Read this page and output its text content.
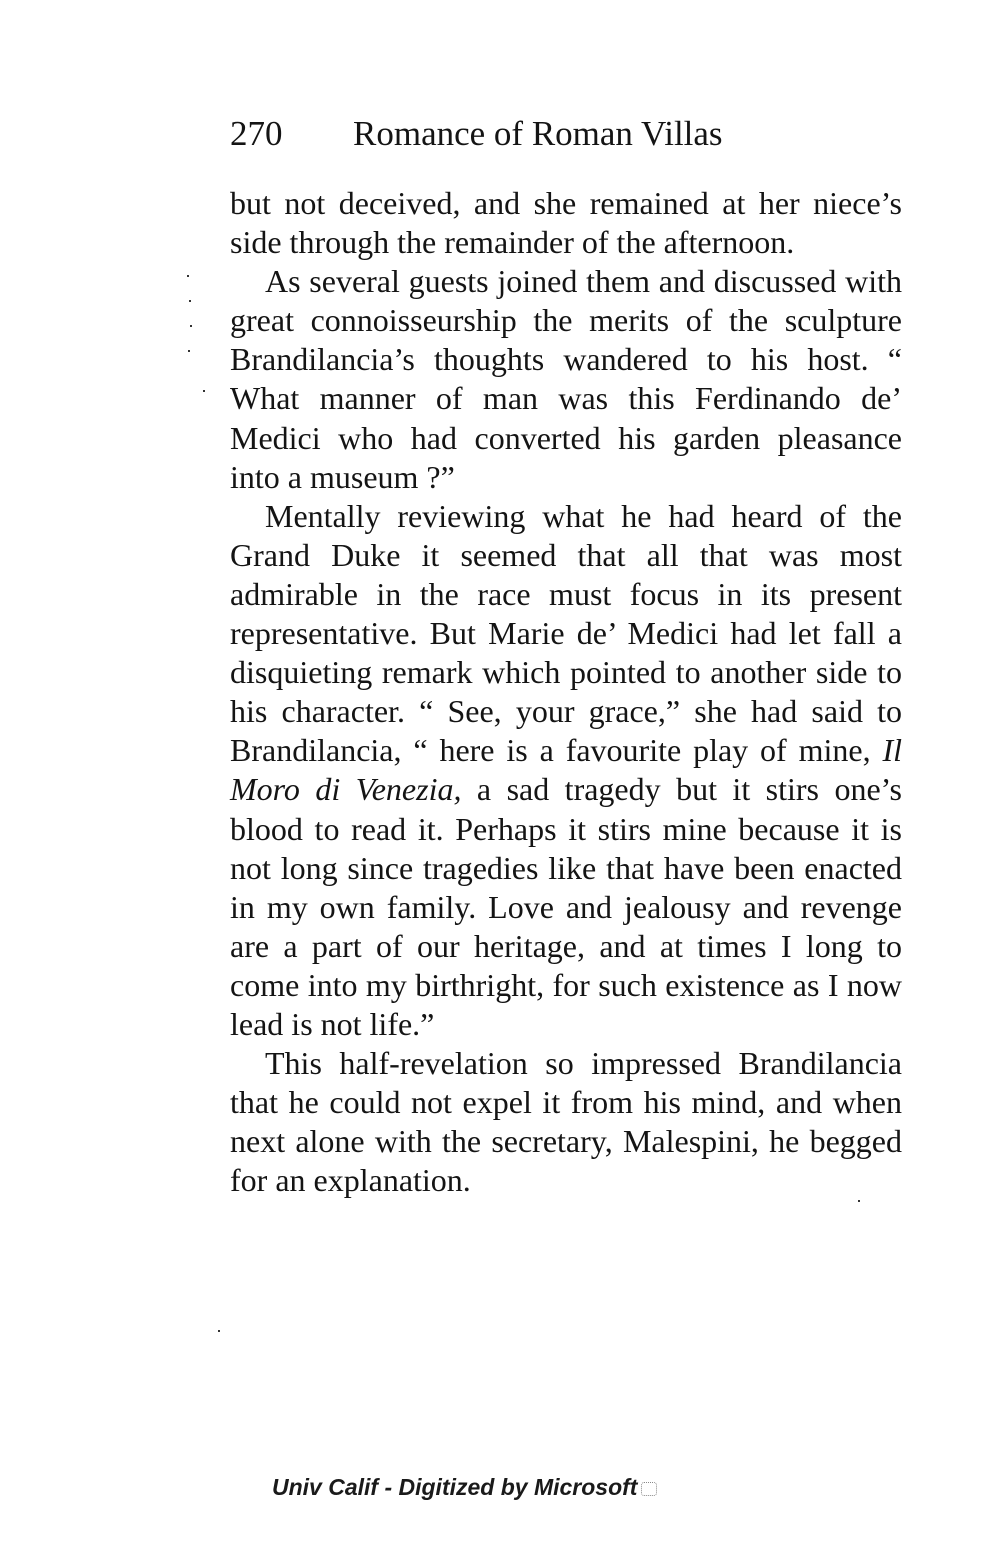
270 Romance of Roman Villas

but not deceived, and she remained at her niece’s side through the remainder of the afternoon.

As several guests joined them and discussed with great connoisseurship the merits of the sculpture Brandilancia’s thoughts wandered to his host. “ What manner of man was this Ferdinando de’ Medici who had converted his garden pleasance into a museum ?”

Mentally reviewing what he had heard of the Grand Duke it seemed that all that was most admirable in the race must focus in its present representative. But Marie de’ Medici had let fall a disquieting remark which pointed to another side to his character. “ See, your grace,” she had said to Brandilancia, “ here is a favourite play of mine, Il Moro di Venezia, a sad tragedy but it stirs one’s blood to read it. Perhaps it stirs mine because it is not long since tragedies like that have been enacted in my own family. Love and jealousy and revenge are a part of our heritage, and at times I long to come into my birthright, for such existence as I now lead is not life.”

This half-revelation so impressed Brandilancia that he could not expel it from his mind, and when next alone with the secretary, Malespini, he begged for an explanation.

Univ Calif - Digitized by Microsoft
